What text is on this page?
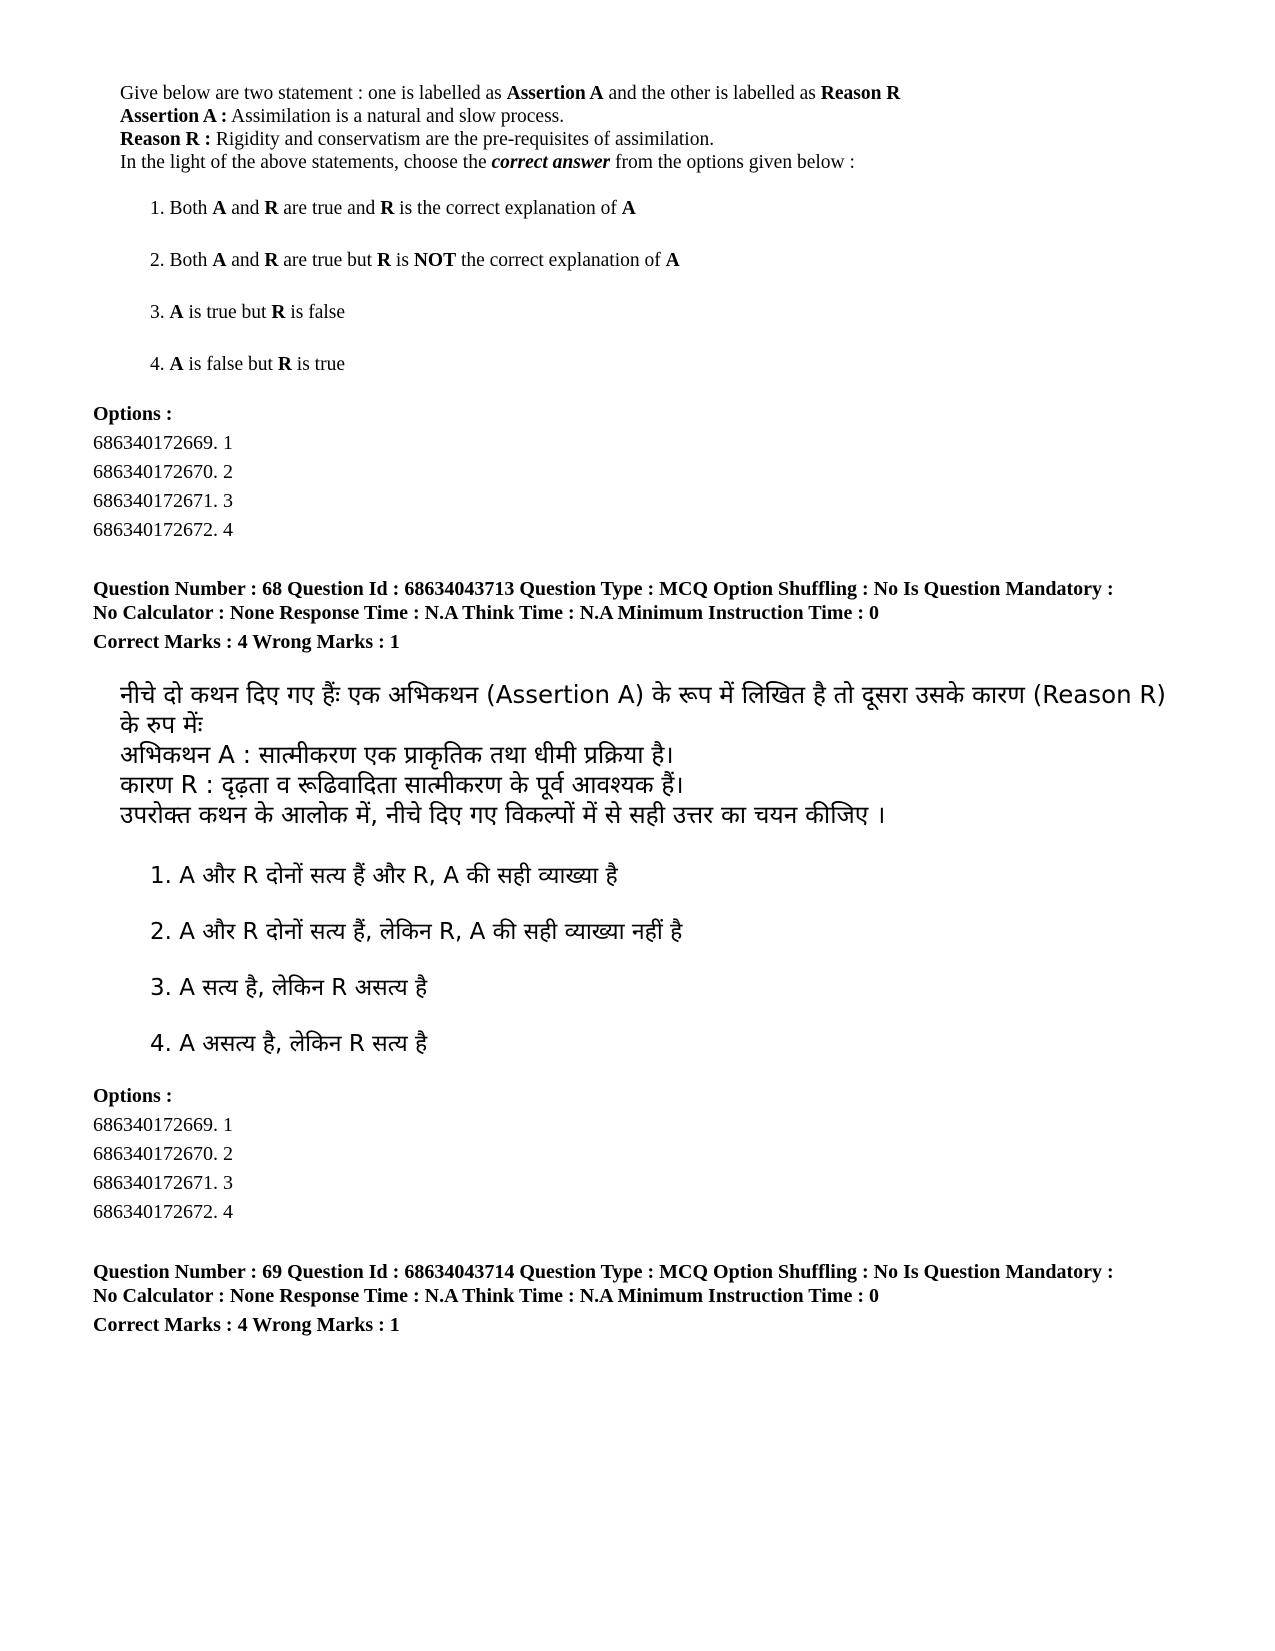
Give below are two statement : one is labelled as Assertion A and the other is labelled as Reason R
Assertion A : Assimilation is a natural and slow process.
Reason R : Rigidity and conservatism are the pre-requisites of assimilation.
In the light of the above statements, choose the correct answer from the options given below :
1. Both A and R are true and R is the correct explanation of A
2. Both A and R are true but R is NOT the correct explanation of A
3. A is true but R is false
4. A is false but R is true
Options :
686340172669. 1
686340172670. 2
686340172671. 3
686340172672. 4
Question Number : 68 Question Id : 68634043713 Question Type : MCQ Option Shuffling : No Is Question Mandatory :
No Calculator : None Response Time : N.A Think Time : N.A Minimum Instruction Time : 0
Correct Marks : 4 Wrong Marks : 1
नीचे दो कथन दिए गए हैंः एक अभिकथन (Assertion A) के रूप में लिखित है तो दूसरा उसके कारण (Reason R) के रुप मेंः
अभिकथन A : सात्मीकरण एक प्राकृतिक तथा धीमी प्रक्रिया है।
कारण R : दृढ़ता व रूढिवादिता सात्मीकरण के पूर्व आवश्यक हैं।
उपरोक्त कथन के आलोक में, नीचे दिए गए विकल्पों में से सही उत्तर का चयन कीजिए ।
1. A और R दोनों सत्य हैं और R, A की सही व्याख्या है
2. A और R दोनों सत्य हैं, लेकिन R, A की सही व्याख्या नहीं है
3. A सत्य है, लेकिन R असत्य है
4. A असत्य है, लेकिन R सत्य है
Options :
686340172669. 1
686340172670. 2
686340172671. 3
686340172672. 4
Question Number : 69 Question Id : 68634043714 Question Type : MCQ Option Shuffling : No Is Question Mandatory :
No Calculator : None Response Time : N.A Think Time : N.A Minimum Instruction Time : 0
Correct Marks : 4 Wrong Marks : 1
